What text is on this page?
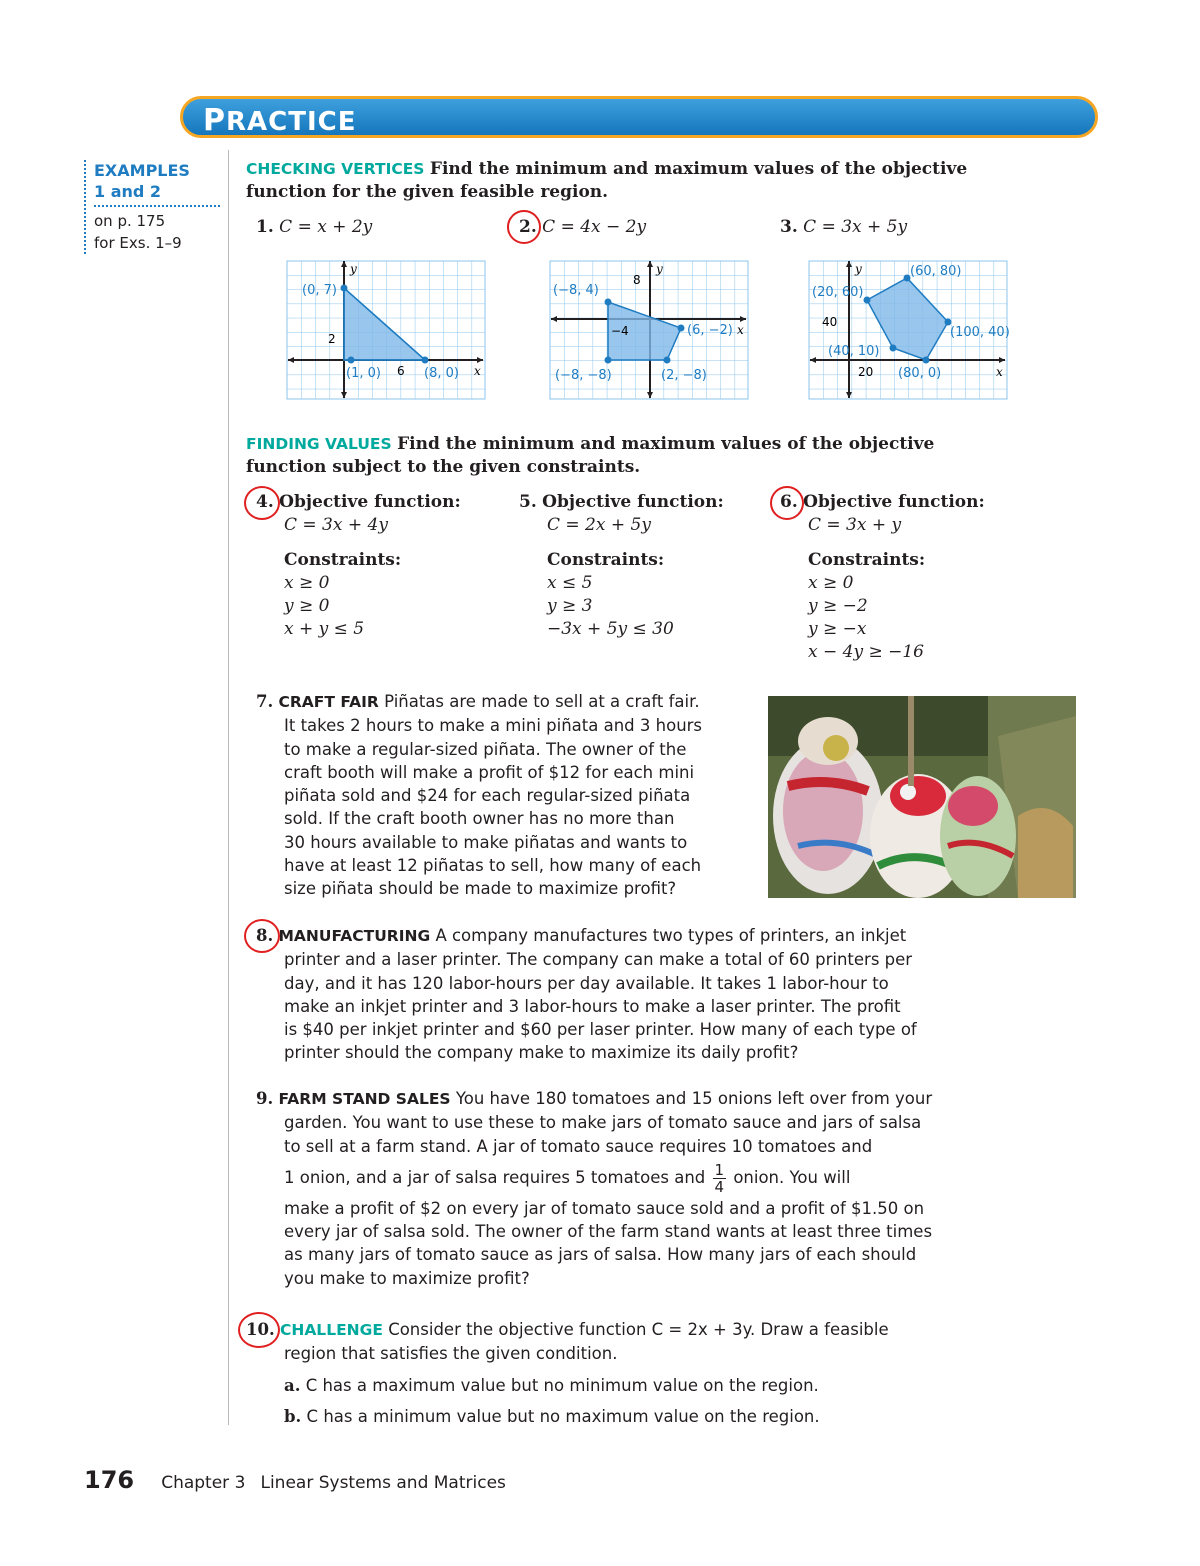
PRACTICE
EXAMPLES
1 and 2
on p. 175
for Exs. 1–9
CHECKING VERTICES Find the minimum and maximum values of the objective
function for the given feasible region.
1. C = x + 2y	2. C = 4x − 2y	3. C = 3x + 5y
y
x
(0, 7)
(1, 0)	(8, 0)
2
6
y
x
(−8, 4)
(6, −2)
(−8, −8)	(2, −8)
8
−4
y
x
(60, 80)
(20, 60)
(100, 40)
(40, 10)
(80, 0)
40
20
FINDING VALUES Find the minimum and maximum values of the objective
function subject to the given constraints.
4. Objective function:
C = 3x + 4y
Constraints:
x ≥ 0
y ≥ 0
x + y ≤ 5
5. Objective function:
C = 2x + 5y
Constraints:
x ≤ 5
y ≥ 3
−3x + 5y ≤ 30
6. Objective function:
C = 3x + y
Constraints:
x ≥ 0
y ≥ −2
y ≥ −x
x − 4y ≥ −16
7. CRAFT FAIR Piñatas are made to sell at a craft fair.
It takes 2 hours to make a mini piñata and 3 hours
to make a regular-sized piñata. The owner of the
craft booth will make a profit of $12 for each mini
piñata sold and $24 for each regular-sized piñata
sold. If the craft booth owner has no more than
30 hours available to make piñatas and wants to
have at least 12 piñatas to sell, how many of each
size piñata should be made to maximize profit?
8. MANUFACTURING A company manufactures two types of printers, an inkjet
printer and a laser printer. The company can make a total of 60 printers per
day, and it has 120 labor-hours per day available. It takes 1 labor-hour to
make an inkjet printer and 3 labor-hours to make a laser printer. The profit
is $40 per inkjet printer and $60 per laser printer. How many of each type of
printer should the company make to maximize its daily profit?
9. FARM STAND SALES You have 180 tomatoes and 15 onions left over from your
garden. You want to use these to make jars of tomato sauce and jars of salsa
to sell at a farm stand. A jar of tomato sauce requires 10 tomatoes and
1 onion, and a jar of salsa requires 5 tomatoes and $\frac{1}{4}$ onion. You will
make a profit of $2 on every jar of tomato sauce sold and a profit of $1.50 on
every jar of salsa sold. The owner of the farm stand wants at least three times
as many jars of tomato sauce as jars of salsa. How many jars of each should
you make to maximize profit?
10. CHALLENGE Consider the objective function C = 2x + 3y. Draw a feasible
region that satisfies the given condition.
a. C has a maximum value but no minimum value on the region.
b. C has a minimum value but no maximum value on the region.
176 Chapter 3 Linear Systems and Matrices
